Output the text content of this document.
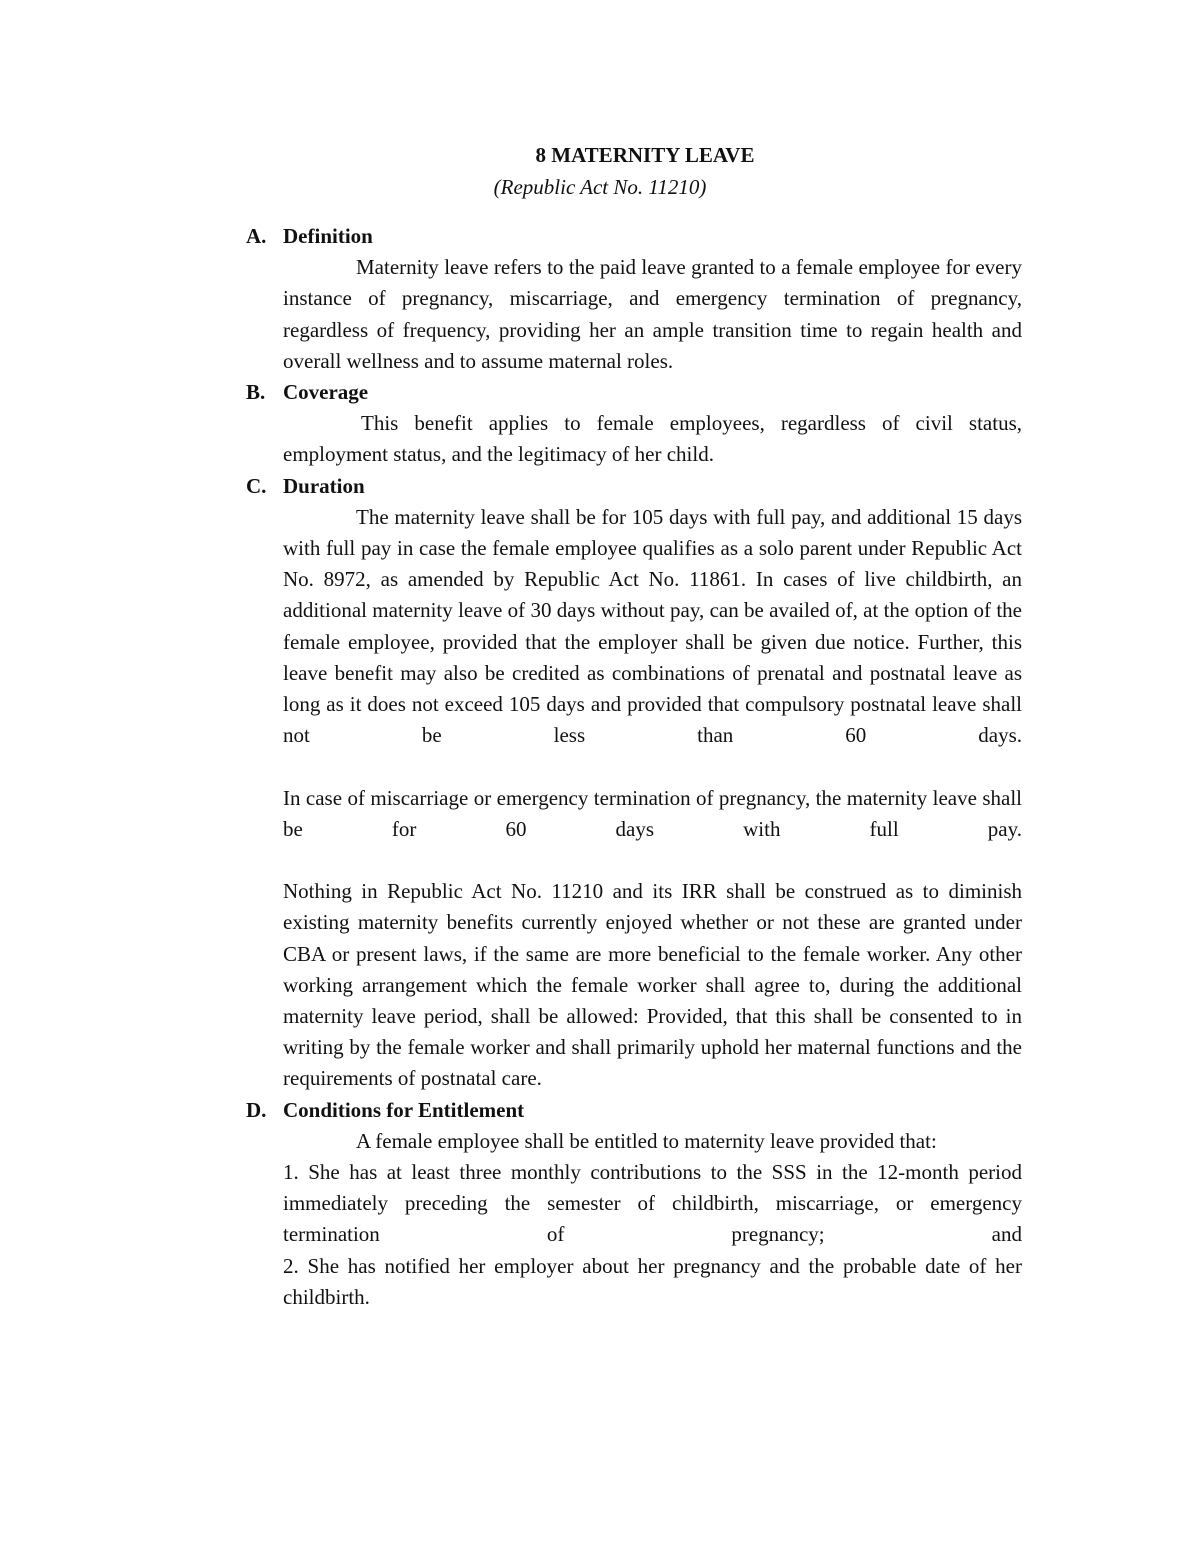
8 MATERNITY LEAVE
(Republic Act No. 11210)
A. Definition
Maternity leave refers to the paid leave granted to a female employee for every instance of pregnancy, miscarriage, and emergency termination of pregnancy, regardless of frequency, providing her an ample transition time to regain health and overall wellness and to assume maternal roles.
B. Coverage
This benefit applies to female employees, regardless of civil status, employment status, and the legitimacy of her child.
C. Duration
The maternity leave shall be for 105 days with full pay, and additional 15 days with full pay in case the female employee qualifies as a solo parent under Republic Act No. 8972, as amended by Republic Act No. 11861. In cases of live childbirth, an additional maternity leave of 30 days without pay, can be availed of, at the option of the female employee, provided that the employer shall be given due notice. Further, this leave benefit may also be credited as combinations of prenatal and postnatal leave as long as it does not exceed 105 days and provided that compulsory postnatal leave shall not be less than 60 days.
In case of miscarriage or emergency termination of pregnancy, the maternity leave shall be for 60 days with full pay.
Nothing in Republic Act No. 11210 and its IRR shall be construed as to diminish existing maternity benefits currently enjoyed whether or not these are granted under CBA or present laws, if the same are more beneficial to the female worker. Any other working arrangement which the female worker shall agree to, during the additional maternity leave period, shall be allowed: Provided, that this shall be consented to in writing by the female worker and shall primarily uphold her maternal functions and the requirements of postnatal care.
D. Conditions for Entitlement
A female employee shall be entitled to maternity leave provided that:
1. She has at least three monthly contributions to the SSS in the 12-month period immediately preceding the semester of childbirth, miscarriage, or emergency termination of pregnancy; and
2. She has notified her employer about her pregnancy and the probable date of her childbirth.
